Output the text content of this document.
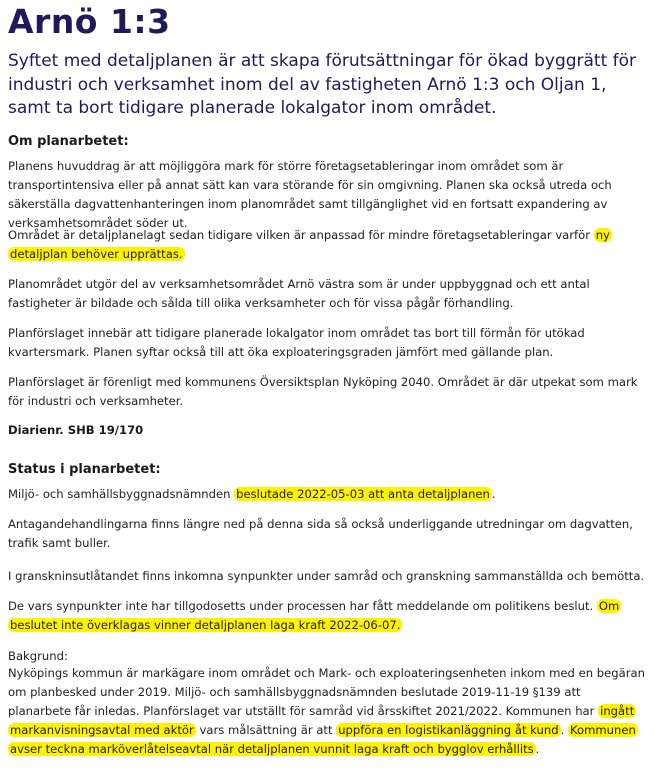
Arnö 1:3
Syftet med detaljplanen är att skapa förutsättningar för ökad byggrätt för industri och verksamhet inom del av fastigheten Arnö 1:3 och Oljan 1, samt ta bort tidigare planerade lokalgator inom området.
Om planarbetet:
Planens huvuddrag är att möjliggöra mark för större företagsetableringar inom området som är transportintensiva eller på annat sätt kan vara störande för sin omgivning. Planen ska också utreda och säkerställa dagvattenhanteringen inom planområdet samt tillgänglighet vid en fortsatt expandering av verksamhetsområdet söder ut.
Området är detaljplanelagt sedan tidigare vilken är anpassad för mindre företagsetableringar varför ny detaljplan behöver upprättas.
Planområdet utgör del av verksamhetsområdet Arnö västra som är under uppbyggnad och ett antal fastigheter är bildade och sålda till olika verksamheter och för vissa pågår förhandling.
Planförslaget innebär att tidigare planerade lokalgator inom området tas bort till förmån för utökad kvartersmark. Planen syftar också till att öka exploateringsgraden jämfört med gällande plan.
Planförslaget är förenligt med kommunens Översiktsplan Nyköping 2040. Området är där utpekat som mark för industri och verksamheter.
Diarienr. SHB 19/170
Status i planarbetet:
Miljö- och samhällsbyggnadsnämnden beslutade 2022-05-03 att anta detaljplanen .
Antagandehandlingarna finns längre ned på denna sida så också underliggande utredningar om dagvatten, trafik samt buller.
I granskninsutlåtandet finns inkomna synpunkter under samråd och granskning sammanställda och bemötta.
De vars synpunkter inte har tillgodosetts under processen har fått meddelande om politikens beslut. Om beslutet inte överklagas vinner detaljplanen laga kraft 2022-06-07.
Bakgrund:
Nyköpings kommun är markägare inom området och Mark- och exploateringsenheten inkom med en begäran om planbesked under 2019. Miljö- och samhällsbyggnadsnämnden beslutade 2019-11-19 §139 att planarbete får inledas. Planförslaget var utställt för samråd vid årsskiftet 2021/2022. Kommunen har ingått markanvisningsavtal med aktör vars målsättning är att uppföra en logistikanläggning åt kund . Kommunen avser teckna marköverlåtelseavtal när detaljplanen vunnit laga kraft och bygglov erhållits .
